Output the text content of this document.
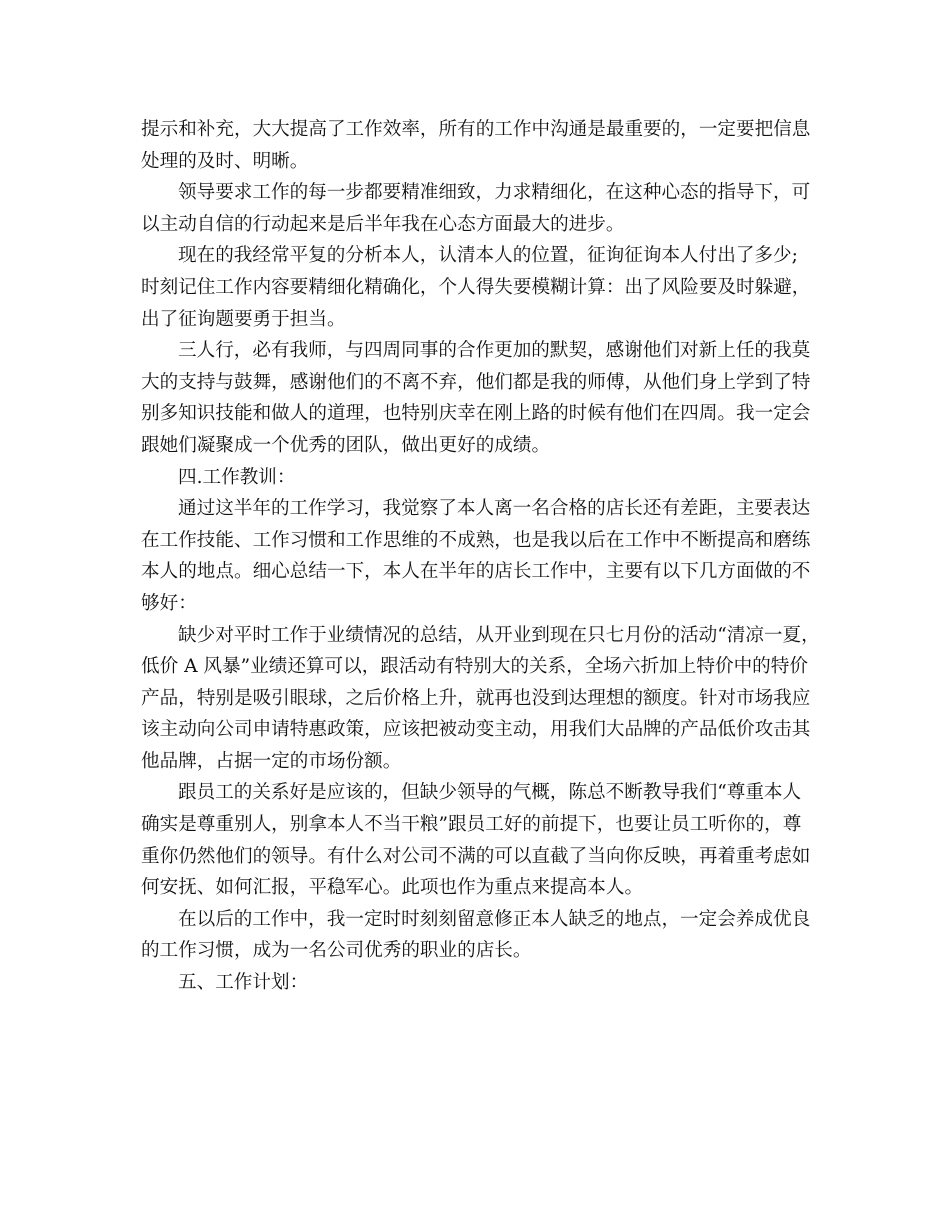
提示和补充，大大提高了工作效率，所有的工作中沟通是最重要的，一定要把信息
处理的及时、明晰。
领导要求工作的每一步都要精准细致，力求精细化，在这种心态的指导下，可
以主动自信的行动起来是后半年我在心态方面最大的进步。
现在的我经常平复的分析本人，认清本人的位置，征询征询本人付出了多少;
时刻记住工作内容要精细化精确化，个人得失要模糊计算：出了风险要及时躲避，
出了征询题要勇于担当。
三人行，必有我师，与四周同事的合作更加的默契，感谢他们对新上任的我莫
大的支持与鼓舞，感谢他们的不离不弃，他们都是我的师傅，从他们身上学到了特
别多知识技能和做人的道理，也特别庆幸在刚上路的时候有他们在四周。我一定会
跟她们凝聚成一个优秀的团队，做出更好的成绩。
四.工作教训：
通过这半年的工作学习，我觉察了本人离一名合格的店长还有差距，主要表达
在工作技能、工作习惯和工作思维的不成熟，也是我以后在工作中不断提高和磨练
本人的地点。细心总结一下，本人在半年的店长工作中，主要有以下几方面做的不
够好：
缺少对平时工作于业绩情况的总结，从开业到现在只七月份的活动“清凉一夏，
低价 A 风暴”业绩还算可以，跟活动有特别大的关系，全场六折加上特价中的特价
产品，特别是吸引眼球，之后价格上升，就再也没到达理想的额度。针对市场我应
该主动向公司申请特惠政策，应该把被动变主动，用我们大品牌的产品低价攻击其
他品牌，占据一定的市场份额。
跟员工的关系好是应该的，但缺少领导的气概，陈总不断教导我们“尊重本人
确实是尊重别人，别拿本人不当干粮”跟员工好的前提下，也要让员工听你的，尊
重你仍然他们的领导。有什么对公司不满的可以直截了当向你反映，再着重考虑如
何安抚、如何汇报，平稳军心。此项也作为重点来提高本人。
在以后的工作中，我一定时时刻刻留意修正本人缺乏的地点，一定会养成优良
的工作习惯，成为一名公司优秀的职业的店长。
五、工作计划：
